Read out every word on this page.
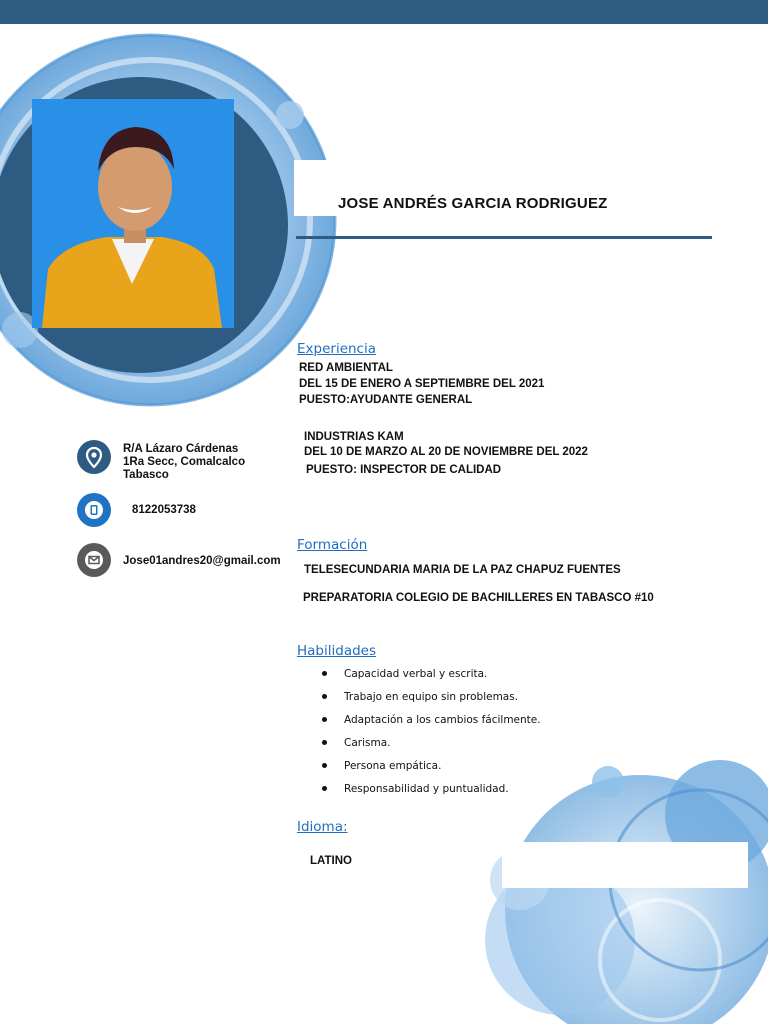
JOSE ANDRÉS GARCIA RODRIGUEZ
R/A Lázaro Cárdenas
1Ra Secc, Comalcalco
Tabasco
8122053738
Jose01andres20@gmail.com
Experiencia
RED AMBIENTAL
DEL 15 DE ENERO A SEPTIEMBRE DEL 2021
PUESTO:AYUDANTE GENERAL
INDUSTRIAS KAM
DEL 10 DE MARZO AL 20 DE NOVIEMBRE DEL 2022
PUESTO: INSPECTOR DE CALIDAD
Formación
TELESECUNDARIA MARIA DE LA PAZ CHAPUZ FUENTES
PREPARATORIA COLEGIO DE BACHILLERES EN TABASCO #10
Habilidades
Capacidad verbal y escrita.
Trabajo en equipo sin problemas.
Adaptación a los cambios fácilmente.
Carisma.
Persona empática.
Responsabilidad y puntualidad.
Idioma:
LATINO
